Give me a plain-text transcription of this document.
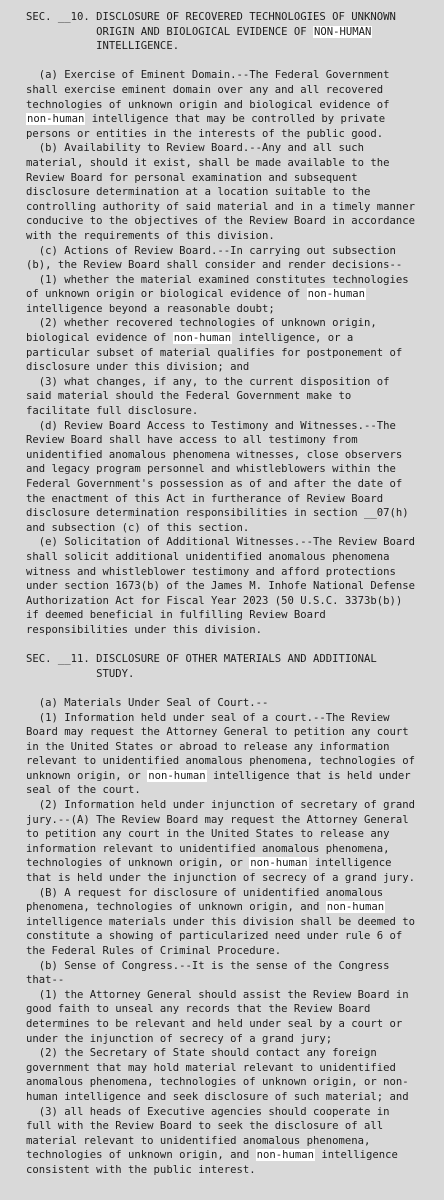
SEC. __10. DISCLOSURE OF RECOVERED TECHNOLOGIES OF UNKNOWN
ORIGIN AND BIOLOGICAL EVIDENCE OF NON-HUMAN
INTELLIGENCE.
(a) Exercise of Eminent Domain.--The Federal Government
shall exercise eminent domain over any and all recovered
technologies of unknown origin and biological evidence of
non-human intelligence that may be controlled by private
persons or entities in the interests of the public good.
(b) Availability to Review Board.--Any and all such
material, should it exist, shall be made available to the
Review Board for personal examination and subsequent
disclosure determination at a location suitable to the
controlling authority of said material and in a timely manner
conducive to the objectives of the Review Board in accordance
with the requirements of this division.
(c) Actions of Review Board.--In carrying out subsection
(b), the Review Board shall consider and render decisions--
(1) whether the material examined constitutes technologies
of unknown origin or biological evidence of non-human
intelligence beyond a reasonable doubt;
(2) whether recovered technologies of unknown origin,
biological evidence of non-human intelligence, or a
particular subset of material qualifies for postponement of
disclosure under this division; and
(3) what changes, if any, to the current disposition of
said material should the Federal Government make to
facilitate full disclosure.
(d) Review Board Access to Testimony and Witnesses.--The
Review Board shall have access to all testimony from
unidentified anomalous phenomena witnesses, close observers
and legacy program personnel and whistleblowers within the
Federal Government's possession as of and after the date of
the enactment of this Act in furtherance of Review Board
disclosure determination responsibilities in section __07(h)
and subsection (c) of this section.
(e) Solicitation of Additional Witnesses.--The Review Board
shall solicit additional unidentified anomalous phenomena
witness and whistleblower testimony and afford protections
under section 1673(b) of the James M. Inhofe National Defense
Authorization Act for Fiscal Year 2023 (50 U.S.C. 3373b(b))
if deemed beneficial in fulfilling Review Board
responsibilities under this division.
SEC. __11. DISCLOSURE OF OTHER MATERIALS AND ADDITIONAL
STUDY.
(a) Materials Under Seal of Court.--
(1) Information held under seal of a court.--The Review
Board may request the Attorney General to petition any court
in the United States or abroad to release any information
relevant to unidentified anomalous phenomena, technologies of
unknown origin, or non-human intelligence that is held under
seal of the court.
(2) Information held under injunction of secretary of grand
jury.--(A) The Review Board may request the Attorney General
to petition any court in the United States to release any
information relevant to unidentified anomalous phenomena,
technologies of unknown origin, or non-human intelligence
that is held under the injunction of secrecy of a grand jury.
(B) A request for disclosure of unidentified anomalous
phenomena, technologies of unknown origin, and non-human
intelligence materials under this division shall be deemed to
constitute a showing of particularized need under rule 6 of
the Federal Rules of Criminal Procedure.
(b) Sense of Congress.--It is the sense of the Congress
that--
(1) the Attorney General should assist the Review Board in
good faith to unseal any records that the Review Board
determines to be relevant and held under seal by a court or
under the injunction of secrecy of a grand jury;
(2) the Secretary of State should contact any foreign
government that may hold material relevant to unidentified
anomalous phenomena, technologies of unknown origin, or non-
human intelligence and seek disclosure of such material; and
(3) all heads of Executive agencies should cooperate in
full with the Review Board to seek the disclosure of all
material relevant to unidentified anomalous phenomena,
technologies of unknown origin, and non-human intelligence
consistent with the public interest.
